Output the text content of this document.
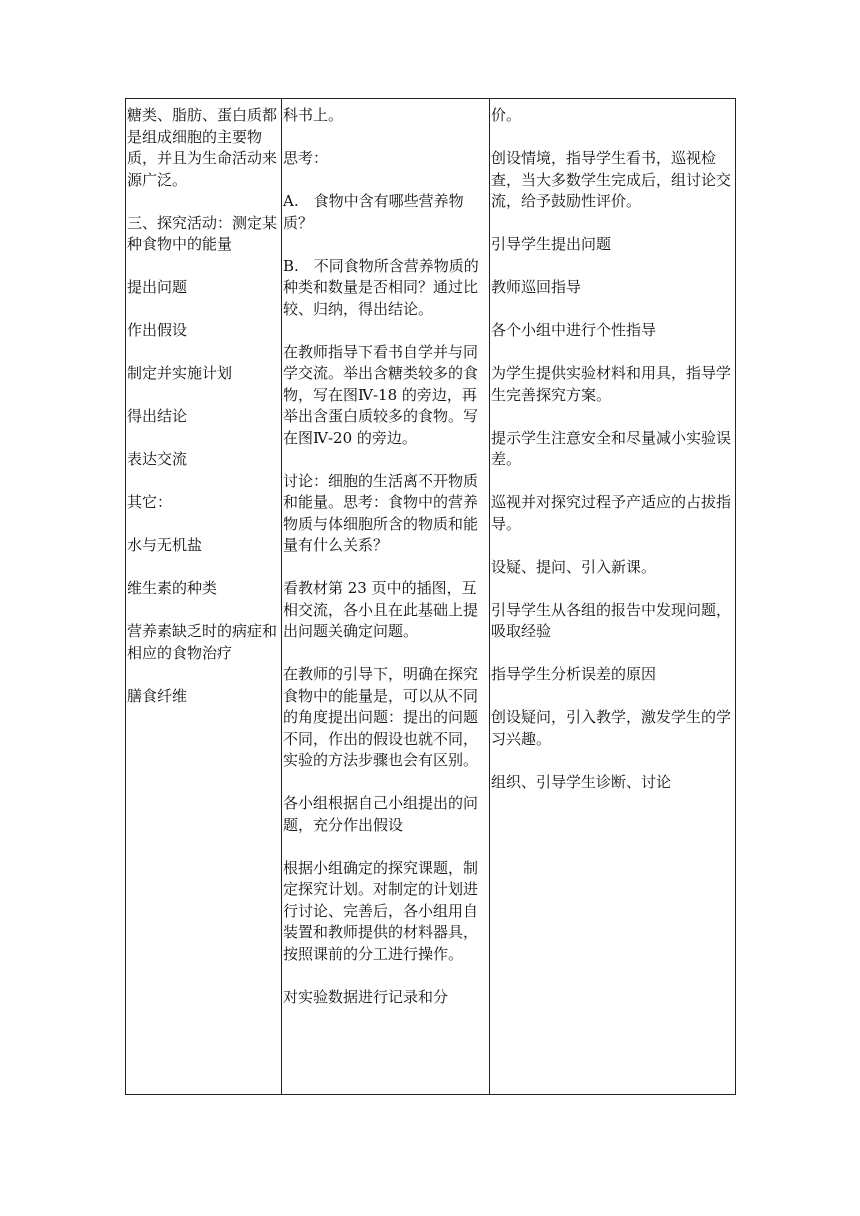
糖类、脂肪、蛋白质都是组成细胞的主要物质，并且为生命活动来源广泛。

三、探究活动：测定某种食物中的能量

提出问题

作出假设

制定并实施计划

得出结论

表达交流

其它：

水与无机盐

维生素的种类

营养素缺乏时的病症和相应的食物治疗

膳食纤维

科书上。

思考：

A.　食物中含有哪些营养物质？

B.　不同食物所含营养物质的种类和数量是否相同？通过比较、归纳，得出结论。

在教师指导下看书自学并与同学交流。举出含糖类较多的食物，写在图Ⅳ-18 的旁边，再举出含蛋白质较多的食物。写在图Ⅳ-20 的旁边。

讨论：细胞的生活离不开物质和能量。思考：食物中的营养物质与体细胞所含的物质和能量有什么关系？

看教材第 23 页中的插图，互相交流，各小且在此基础上提出问题关确定问题。

在教师的引导下，明确在探究食物中的能量是，可以从不同的角度提出问题：提出的问题不同，作出的假设也就不同，实验的方法步骤也会有区别。

各小组根据自己小组提出的问题，充分作出假设

根据小组确定的探究课题，制定探究计划。对制定的计划进行讨论、完善后，各小组用自装置和教师提供的材料器具，按照课前的分工进行操作。

对实验数据进行记录和分

价。

创设情境，指导学生看书，巡视检查，当大多数学生完成后，组讨论交流，给予鼓励性评价。

引导学生提出问题

教师巡回指导

各个小组中进行个性指导

为学生提供实验材料和用具，指导学生完善探究方案。

提示学生注意安全和尽量减小实验误差。

巡视并对探究过程予产适应的占拔指导。

设疑、提问、引入新课。

引导学生从各组的报告中发现问题，吸取经验

指导学生分析误差的原因

创设疑问，引入教学，激发学生的学习兴趣。

组织、引导学生诊断、讨论
